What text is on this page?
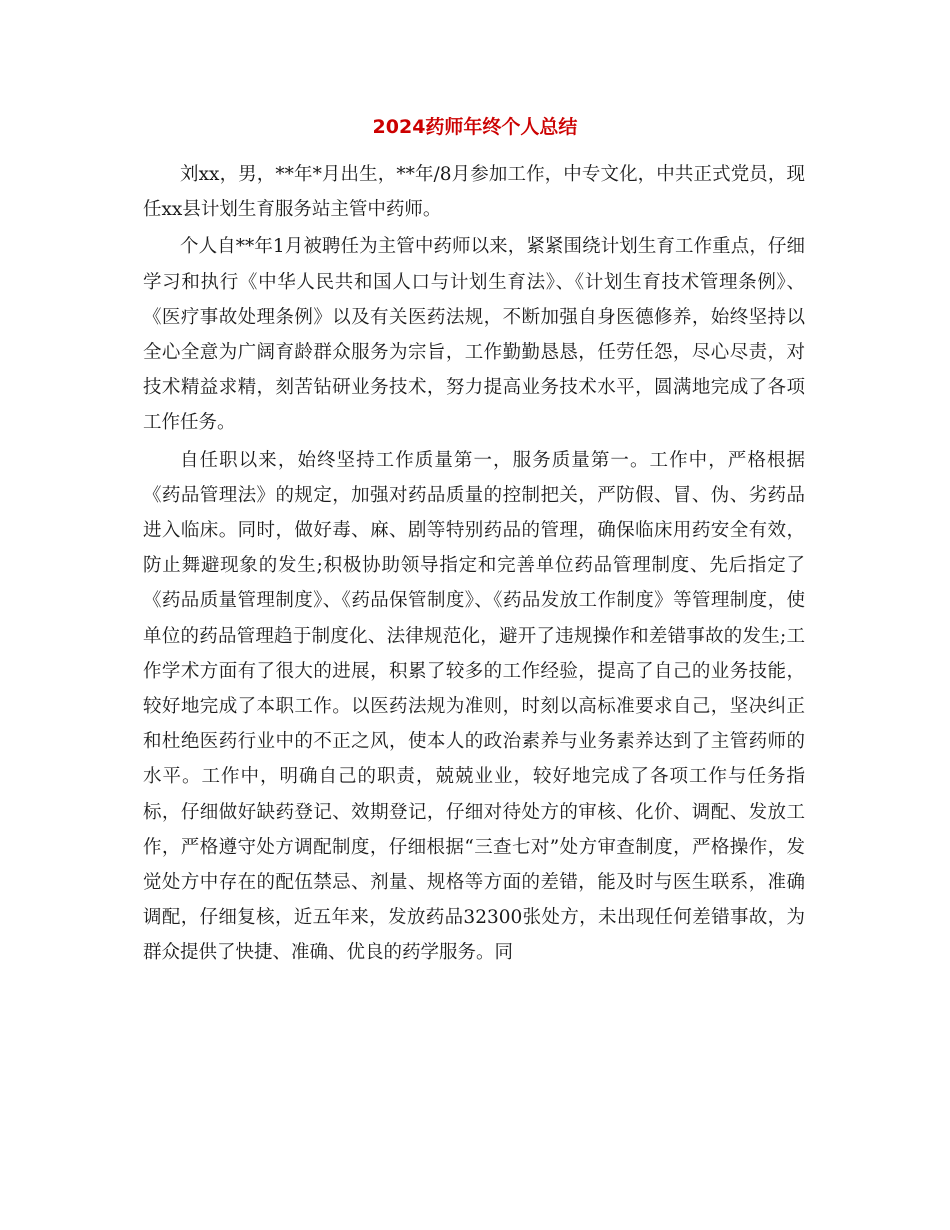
2024药师年终个人总结

刘xx，男，**年*月出生，**年/8月参加工作，中专文化，中共正式党员，现任xx县计划生育服务站主管中药师。

个人自**年1月被聘任为主管中药师以来，紧紧围绕计划生育工作重点，仔细学习和执行《中华人民共和国人口与计划生育法》、《计划生育技术管理条例》、《医疗事故处理条例》以及有关医药法规，不断加强自身医德修养，始终坚持以全心全意为广阔育龄群众服务为宗旨，工作勤勤恳恳，任劳任怨，尽心尽责，对技术精益求精，刻苦钻研业务技术，努力提高业务技术水平，圆满地完成了各项工作任务。

自任职以来，始终坚持工作质量第一，服务质量第一。工作中，严格根据《药品管理法》的规定，加强对药品质量的控制把关，严防假、冒、伪、劣药品进入临床。同时，做好毒、麻、剧等特别药品的管理，确保临床用药安全有效，防止舞避现象的发生;积极协助领导指定和完善单位药品管理制度、先后指定了《药品质量管理制度》、《药品保管制度》、《药品发放工作制度》等管理制度，使单位的药品管理趋于制度化、法律规范化，避开了违规操作和差错事故的发生;工作学术方面有了很大的进展，积累了较多的工作经验，提高了自己的业务技能，较好地完成了本职工作。以医药法规为准则，时刻以高标准要求自己，坚决纠正和杜绝医药行业中的不正之风，使本人的政治素养与业务素养达到了主管药师的水平。工作中，明确自己的职责，兢兢业业，较好地完成了各项工作与任务指标，仔细做好缺药登记、效期登记，仔细对待处方的审核、化价、调配、发放工作，严格遵守处方调配制度，仔细根据“三查七对”处方审查制度，严格操作，发觉处方中存在的配伍禁忌、剂量、规格等方面的差错，能及时与医生联系，准确调配，仔细复核，近五年来，发放药品32300张处方，未出现任何差错事故，为群众提供了快捷、准确、优良的药学服务。同
